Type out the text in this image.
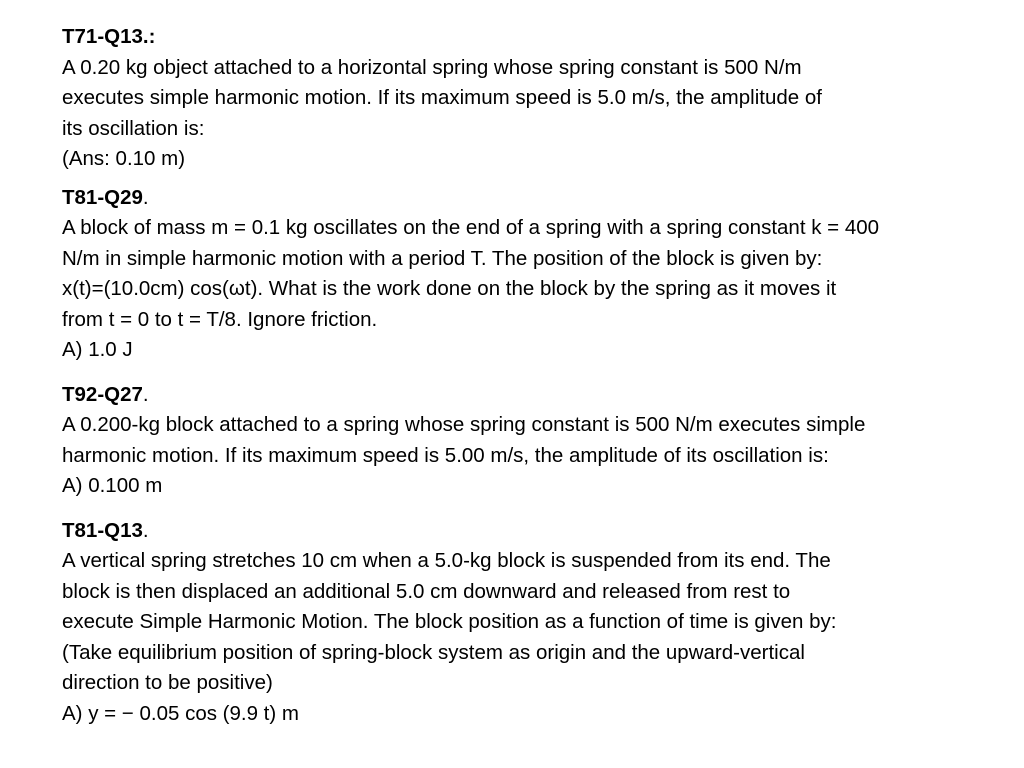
T71-Q13.:
A 0.20 kg object attached to a horizontal spring whose spring constant is 500 N/m
executes simple harmonic motion. If its maximum speed is 5.0 m/s, the amplitude of
its oscillation is:
(Ans: 0.10 m)
T81-Q29.
A block of mass m = 0.1 kg oscillates on the end of a spring with a spring constant k = 400
N/m in simple harmonic motion with a period T. The position of the block is given by:
x(t)=(10.0cm) cos(ωt). What is the work done on the block by the spring as it moves it
from t = 0 to t = T/8. Ignore friction.
A) 1.0 J
T92-Q27.
A 0.200-kg block attached to a spring whose spring constant is 500 N/m executes simple
harmonic motion. If its maximum speed is 5.00 m/s, the amplitude of its oscillation is:
A) 0.100 m
T81-Q13.
A vertical spring stretches 10 cm when a 5.0-kg block is suspended from its end. The
block is then displaced an additional 5.0 cm downward and released from rest to
execute Simple Harmonic Motion. The block position as a function of time is given by:
(Take equilibrium position of spring-block system as origin and the upward-vertical
direction to be positive)
A) y = − 0.05 cos (9.9 t) m
